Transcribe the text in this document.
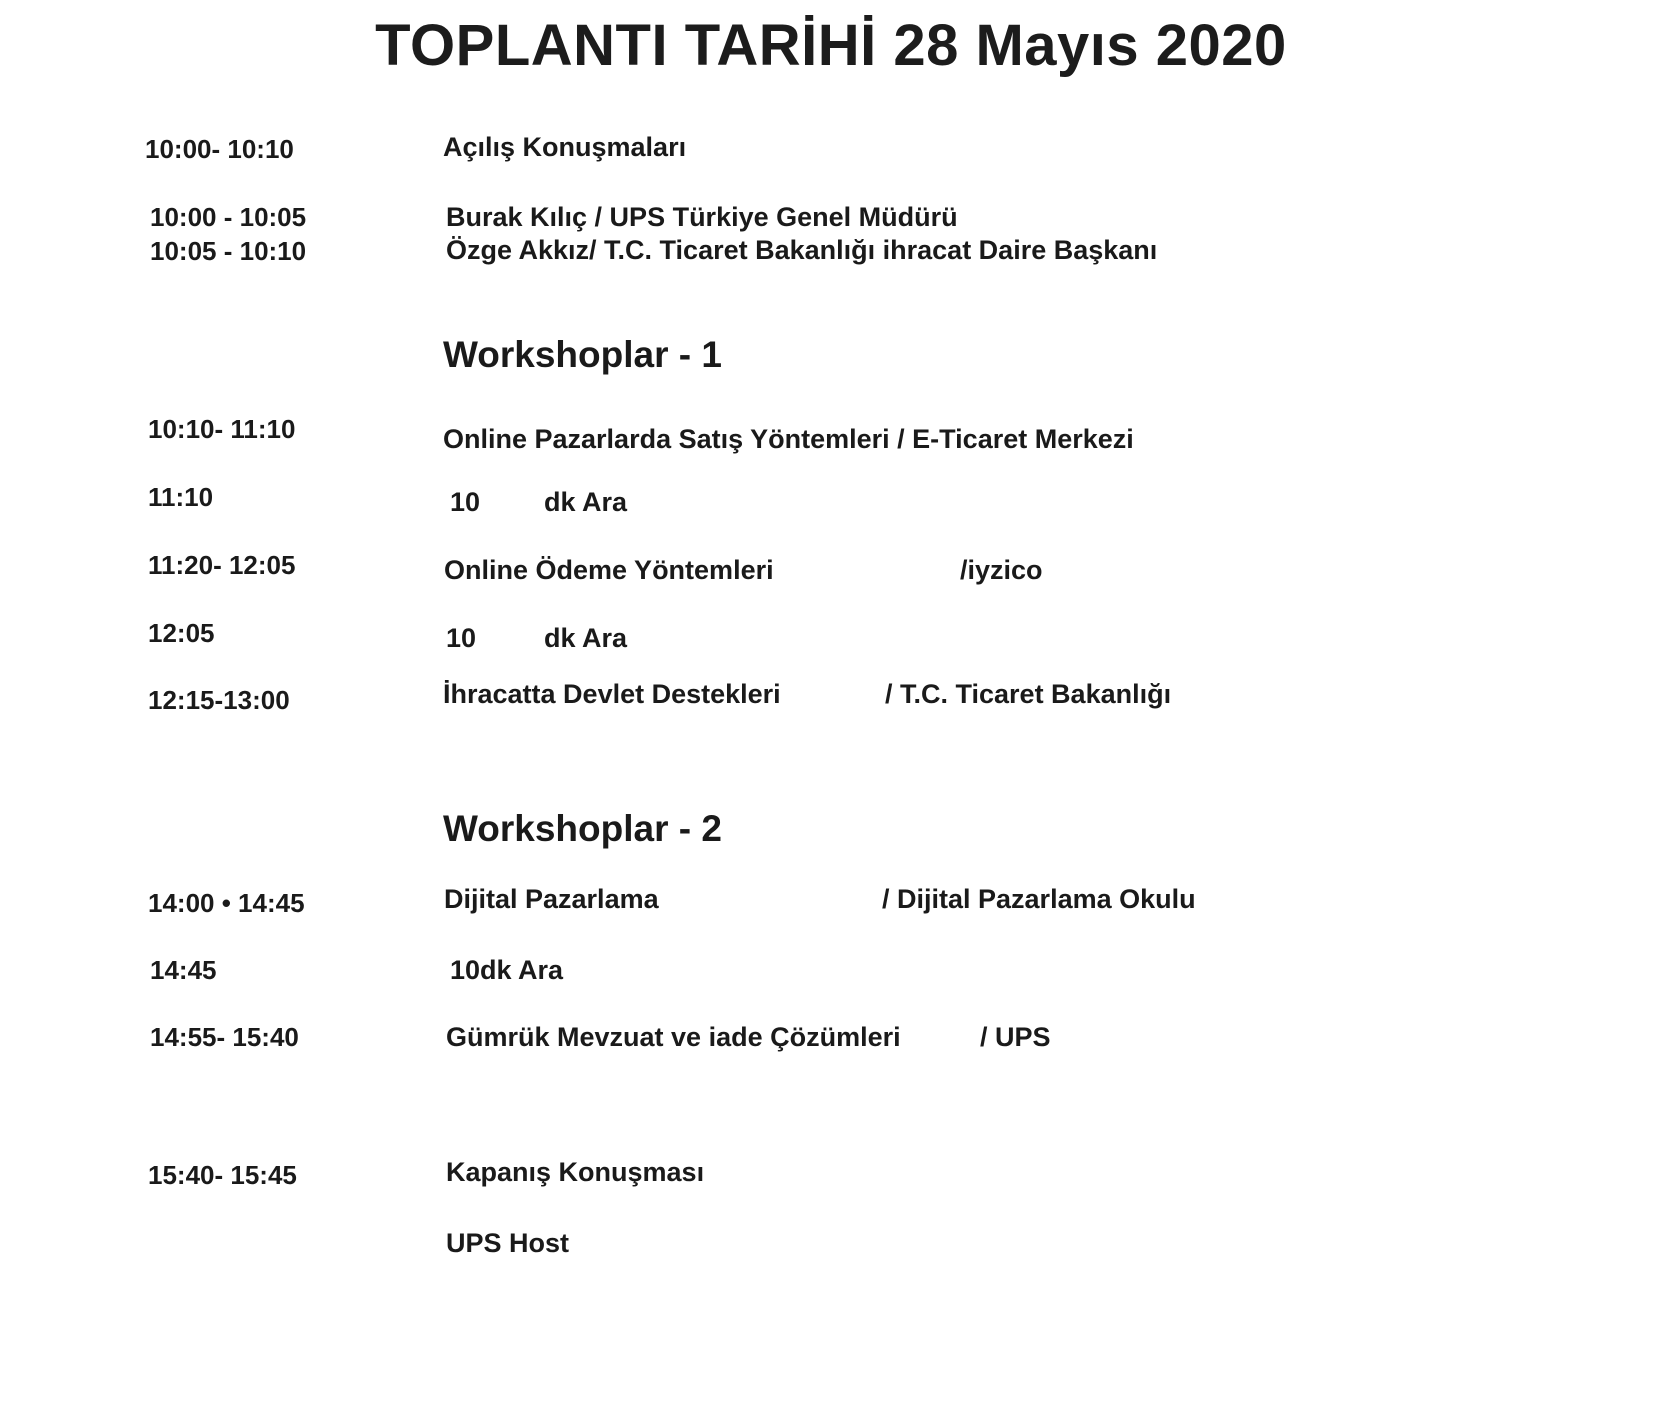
TOPLANTI TARİHİ 28 Mayıs 2020
10:00- 10:10	Açılış Konuşmaları
10:00 - 10:05	Burak Kılıç / UPS Türkiye Genel Müdürü
10:05 - 10:10	Özge Akkız/ T.C. Ticaret Bakanlığı ihracat Daire Başkanı
Workshoplar - 1
10:10- 11:10	Online Pazarlarda Satış Yöntemleri / E-Ticaret Merkezi
11:10	10 dk Ara
11:20- 12:05	Online Ödeme Yöntemleri	/iyzico
12:05	10	dk Ara
12:15-13:00	İhracatta Devlet Destekleri	/ T.C. Ticaret Bakanlığı
Workshoplar - 2
14:00 • 14:45	Dijital Pazarlama	/ Dijital Pazarlama Okulu
14:45	10dk Ara
14:55- 15:40	Gümrük Mevzuat ve iade Çözümleri	/ UPS
15:40- 15:45	Kapanış Konuşması
UPS Host
